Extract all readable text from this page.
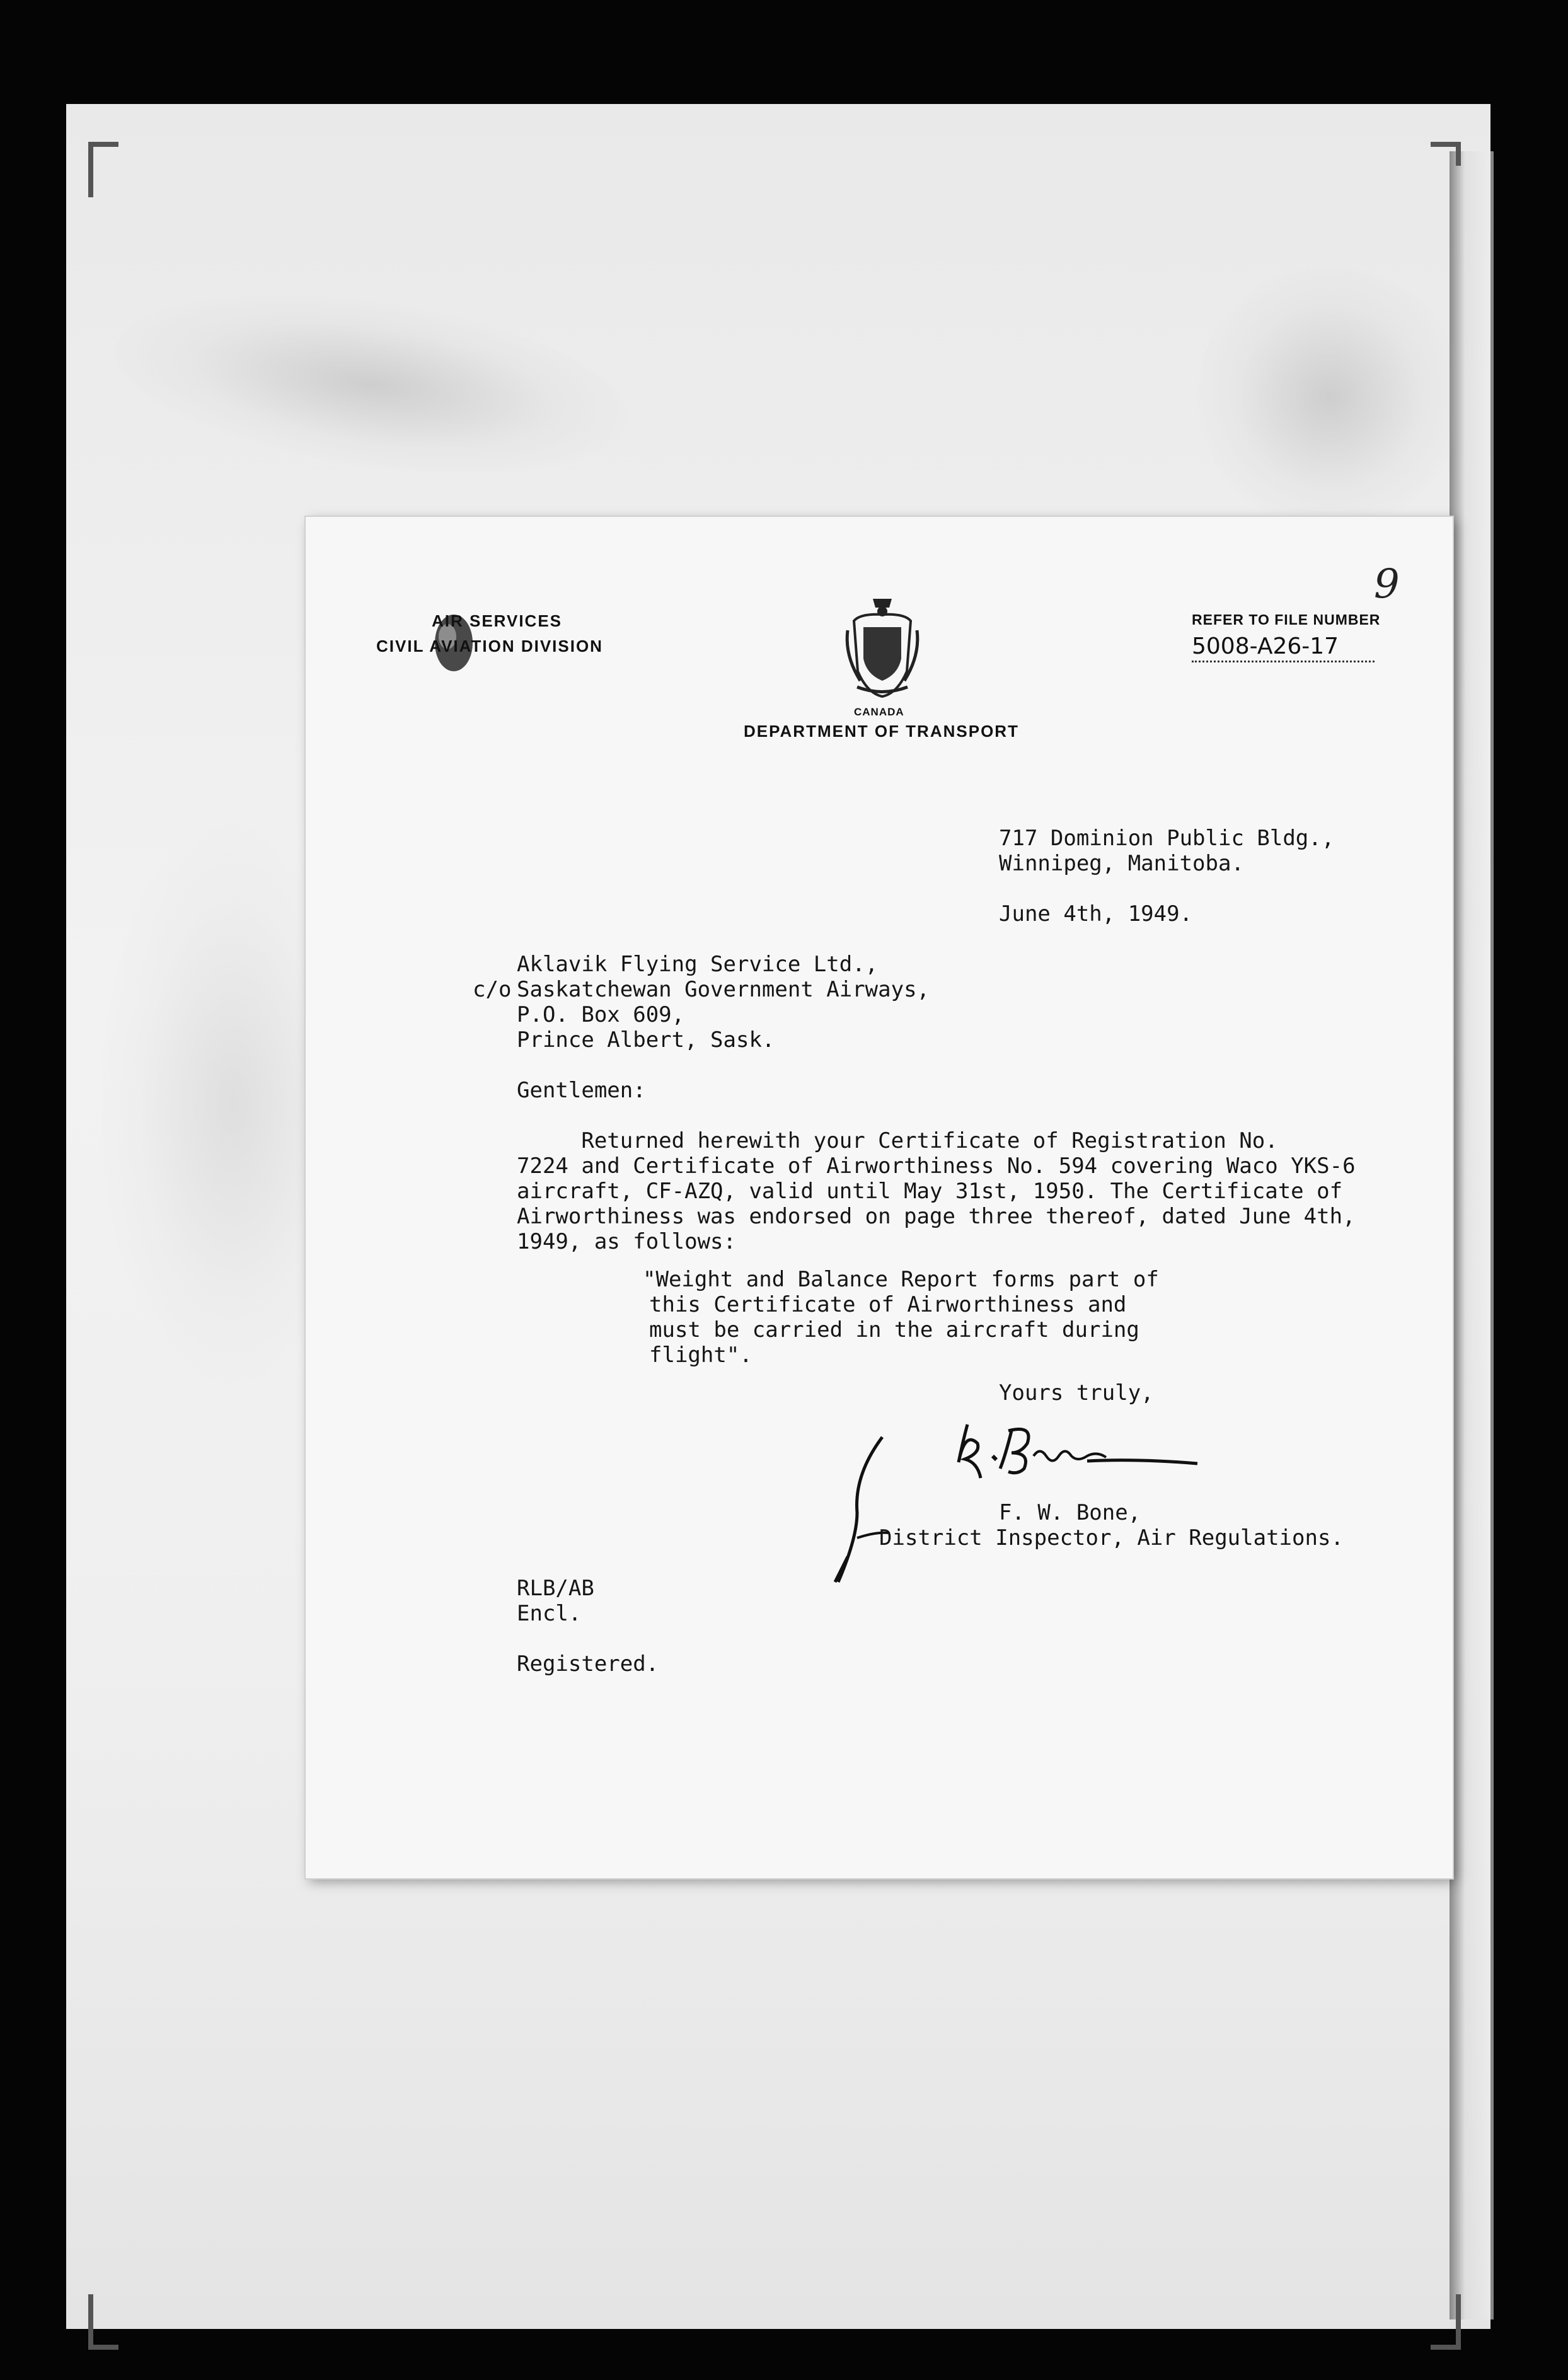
AIR SERVICES
CIVIL AVIATION DIVISION
CANADA
DEPARTMENT OF TRANSPORT
9
REFER TO FILE NUMBER
5008-A26-17
717 Dominion Public Bldg.,
Winnipeg, Manitoba.
June 4th, 1949.
c/o
Aklavik Flying Service Ltd.,
Saskatchewan Government Airways,
P.O. Box 609,
Prince Albert, Sask.
Gentlemen:
Returned herewith your Certificate of Registration No.
7224 and Certificate of Airworthiness No. 594 covering Waco YKS-6
aircraft, CF-AZQ, valid until May 31st, 1950. The Certificate of
Airworthiness was endorsed on page three thereof, dated June 4th,
1949, as follows:
"Weight and Balance Report forms part of
this Certificate of Airworthiness and
must be carried in the aircraft during
flight".
Yours truly,
F. W. Bone,
District Inspector, Air Regulations.
RLB/AB
Encl.
Registered.
